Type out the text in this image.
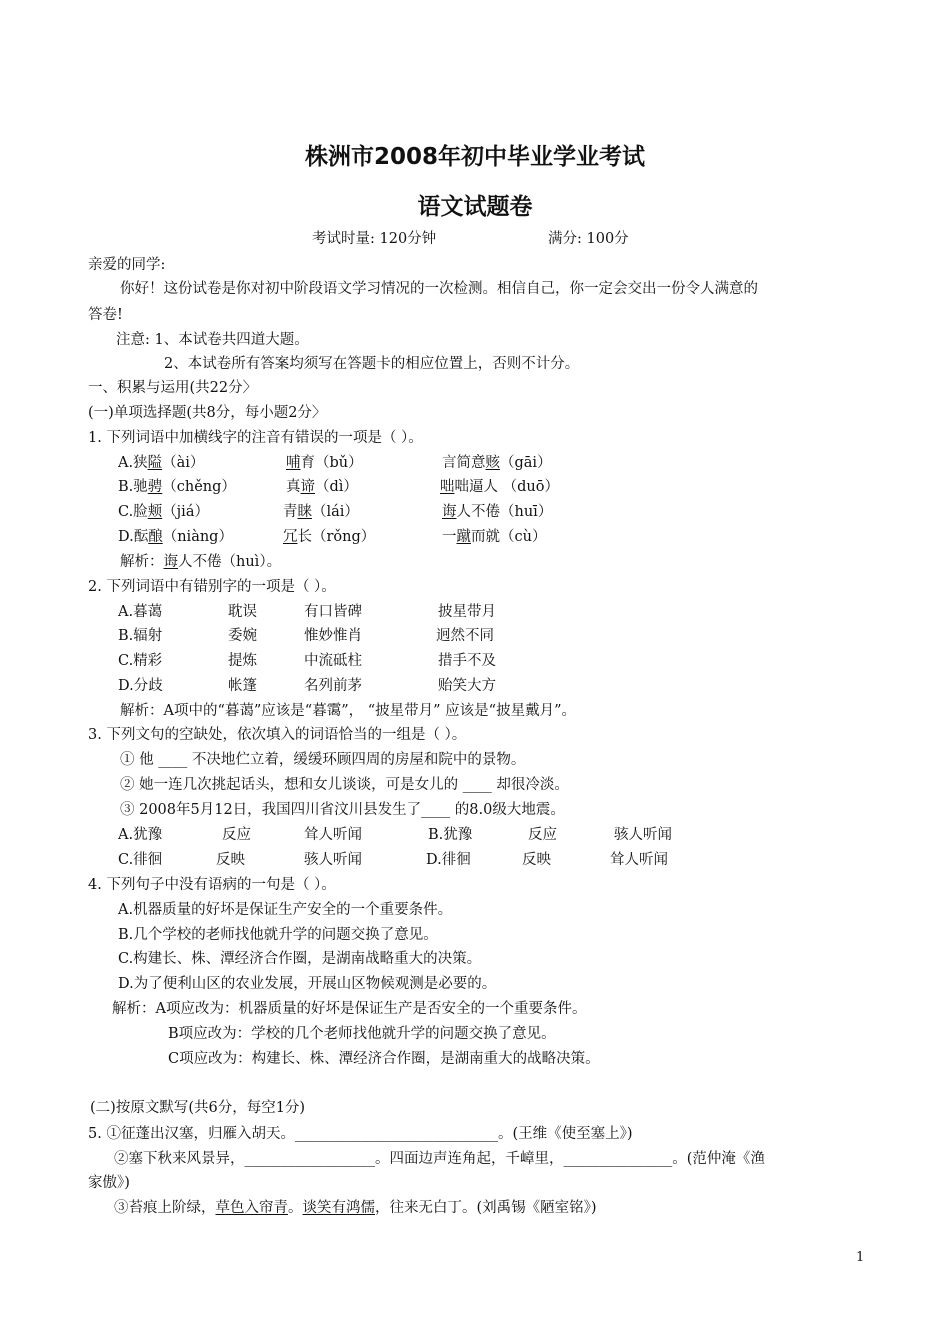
株洲市2008年初中毕业学业考试
语文试题卷
考试时量: 120分钟	满分: 100分
亲爱的同学:
你好！这份试卷是你对初中阶段语文学习情况的一次检测。相信自己，你一定会交出一份令人满意的
答卷!
注意: 1、本试卷共四道大题。
2、本试卷所有答案均须写在答题卡的相应位置上，否则不计分。
一、积累与运用(共22分〉
(一)单项选择题(共8分，每小题2分〉
1. 下列词语中加横线字的注音有错误的一项是（ ）。
A.狭隘（ài）	哺育（bǔ）	言简意赅（gāi）
B.驰骋（chěng）	真谛（dì）	咄咄逼人 （duō）
C.脸颊（jiá）	青睐（lái）	诲人不倦（huī）
D.酝酿（niàng）	冗长（rǒng）	一蹴而就（cù）
解析：诲人不倦（huì）。
2. 下列词语中有错别字的一项是（ ）。
A.暮蔼	耽误	有口皆碑	披星带月
B.辐射	委婉	惟妙惟肖	迥然不同
C.精彩	提炼	中流砥柱	措手不及
D.分歧	帐篷	名列前茅	贻笑大方
解析：A项中的“暮蔼”应该是“暮霭”， “披星带月” 应该是“披星戴月”。
3. 下列文句的空缺处，依次填入的词语恰当的一组是（ ）。
① 他 ____ 不决地伫立着，缓缓环顾四周的房屋和院中的景物。
② 她一连几次挑起话头，想和女儿谈谈，可是女儿的 ____ 却很冷淡。
③ 2008年5月12日，我国四川省汶川县发生了____ 的8.0级大地震。
A.犹豫	反应	耸人听闻	B.犹豫	反应	骇人听闻
C.徘徊	反映	骇人听闻	D.徘徊	反映	耸人听闻
4. 下列句子中没有语病的一句是（ ）。
A.机器质量的好坏是保证生产安全的一个重要条件。
B.几个学校的老师找他就升学的问题交换了意见。
C.构建长、株、潭经济合作圈，是湖南战略重大的决策。
D.为了便利山区的农业发展，开展山区物候观测是必要的。
解析：A项应改为：机器质量的好坏是保证生产是否安全的一个重要条件。
B项应改为：学校的几个老师找他就升学的问题交换了意见。
C项应改为：构建长、株、潭经济合作圈，是湖南重大的战略决策。
(二)按原文默写(共6分，每空1分)
5. ①征蓬出汉塞，归雁入胡天。____________________________。(王维《使至塞上》)
②塞下秋来风景异，__________________。四面边声连角起，千嶂里，_______________。(范仲淹《渔
家傲》)
③苔痕上阶绿，草色入帘青。谈笑有鸿儒，往来无白丁。(刘禹锡《陋室铭》)
1
